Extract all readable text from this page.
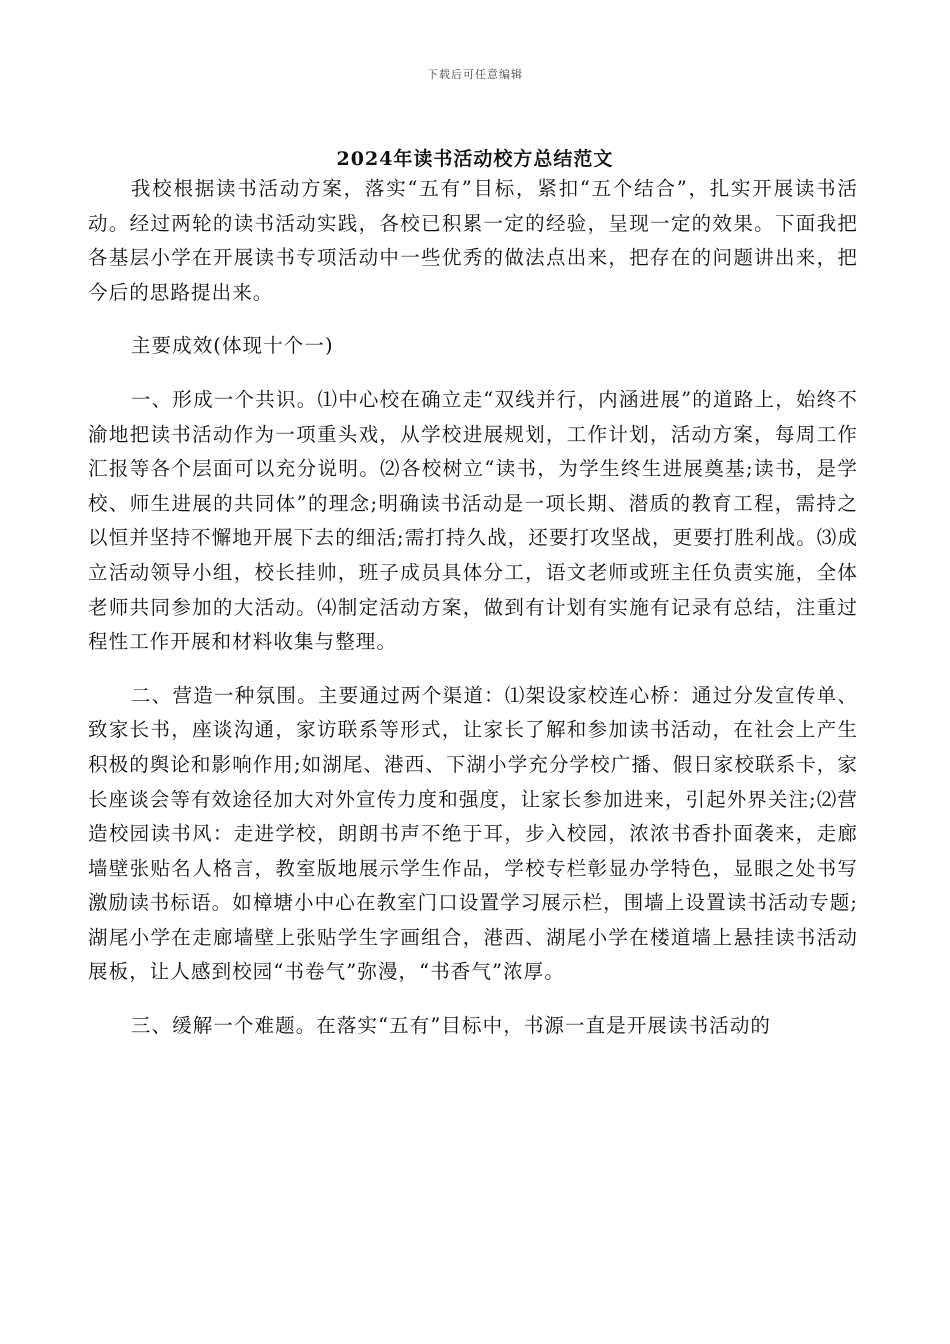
下载后可任意编辑
2024年读书活动校方总结范文

我校根据读书活动方案，落实“五有”目标，紧扣“五个结合”，扎实开展读书活动。经过两轮的读书活动实践，各校已积累一定的经验，呈现一定的效果。下面我把各基层小学在开展读书专项活动中一些优秀的做法点出来，把存在的问题讲出来，把今后的思路提出来。

主要成效(体现十个一)

一、形成一个共识。⑴中心校在确立走“双线并行，内涵进展”的道路上，始终不渝地把读书活动作为一项重头戏，从学校进展规划，工作计划，活动方案，每周工作汇报等各个层面可以充分说明。⑵各校树立“读书，为学生终生进展奠基;读书，是学校、师生进展的共同体”的理念;明确读书活动是一项长期、潜质的教育工程，需持之以恒并坚持不懈地开展下去的细活;需打持久战，还要打攻坚战，更要打胜利战。⑶成立活动领导小组，校长挂帅，班子成员具体分工，语文老师或班主任负责实施，全体老师共同参加的大活动。⑷制定活动方案，做到有计划有实施有记录有总结，注重过程性工作开展和材料收集与整理。

二、营造一种氛围。主要通过两个渠道：⑴架设家校连心桥：通过分发宣传单、致家长书，座谈沟通，家访联系等形式，让家长了解和参加读书活动，在社会上产生积极的舆论和影响作用;如湖尾、港西、下湖小学充分学校广播、假日家校联系卡，家长座谈会等有效途径加大对外宣传力度和强度，让家长参加进来，引起外界关注;⑵营造校园读书风：走进学校，朗朗书声不绝于耳，步入校园，浓浓书香扑面袭来，走廊墙壁张贴名人格言，教室版地展示学生作品，学校专栏彰显办学特色，显眼之处书写激励读书标语。如樟塘小中心在教室门口设置学习展示栏，围墙上设置读书活动专题;湖尾小学在走廊墙壁上张贴学生字画组合，港西、湖尾小学在楼道墙上悬挂读书活动展板，让人感到校园“书卷气”弥漫，“书香气”浓厚。

三、缓解一个难题。在落实“五有”目标中，书源一直是开展读书活动的
